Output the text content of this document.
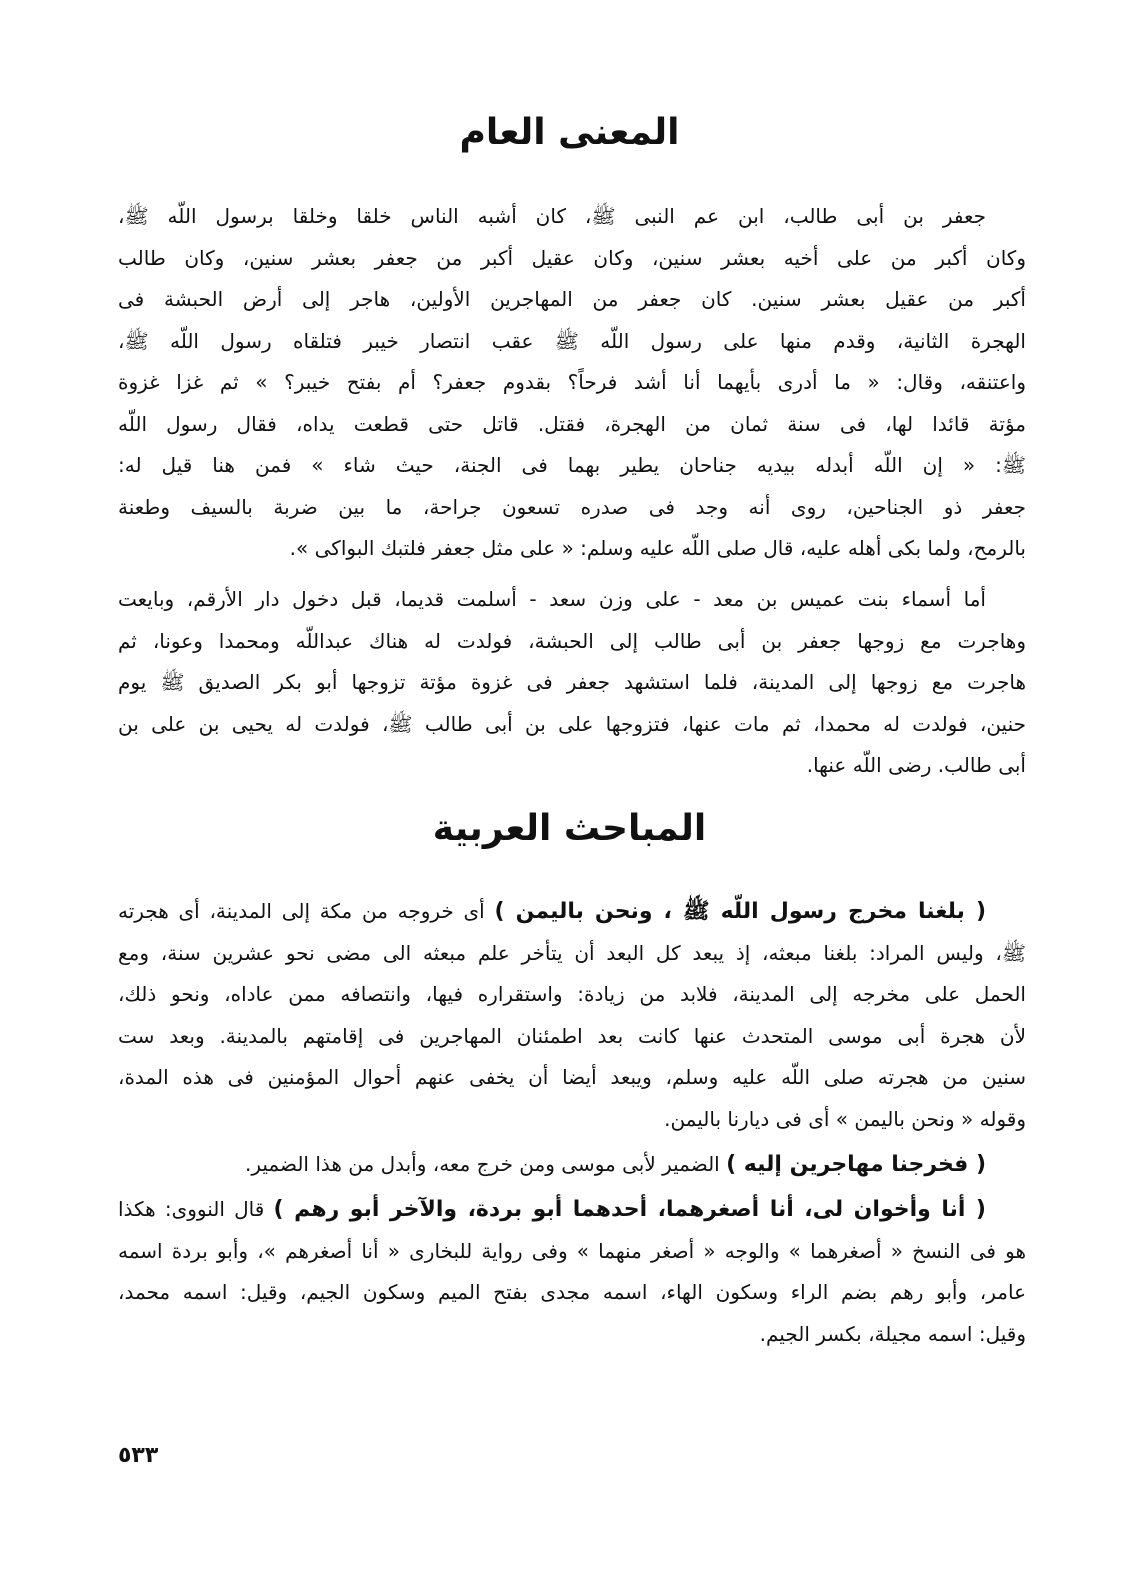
المعنى العام
جعفر بن أبى طالب، ابن عم النبى ﷺ، كان أشبه الناس خلقا وخلقا برسول اللّه ﷺ،
وكان أكبر من على أخيه بعشر سنين، وكان عقيل أكبر من جعفر بعشر سنين، وكان طالب
أكبر من عقيل بعشر سنين. كان جعفر من المهاجرين الأولين، هاجر إلى أرض الحبشة فى
الهجرة الثانية، وقدم منها على رسول اللّه ﷺ عقب انتصار خيبر فتلقاه رسول اللّه ﷺ،
واعتنقه، وقال: « ما أدرى بأيهما أنا أشد فرحاً؟ بقدوم جعفر؟ أم بفتح خيبر؟ » ثم غزا غزوة
مؤتة قائدا لها، فى سنة ثمان من الهجرة، فقتل. قاتل حتى قطعت يداه، فقال رسول اللّه
ﷺ: « إن اللّه أبدله بيديه جناحان يطير بهما فى الجنة، حيث شاء » فمن هنا قيل له:
جعفر ذو الجناحين، روى أنه وجد فى صدره تسعون جراحة، ما بين ضربة بالسيف وطعنة
بالرمح، ولما بكى أهله عليه، قال صلى اللّه عليه وسلم: « على مثل جعفر فلتبك البواكى ».
أما أسماء بنت عميس بن معد - على وزن سعد - أسلمت قديما، قبل دخول دار الأرقم، وبايعت
وهاجرت مع زوجها جعفر بن أبى طالب إلى الحبشة، فولدت له هناك عبداللّه ومحمدا وعونا، ثم
هاجرت مع زوجها إلى المدينة، فلما استشهد جعفر فى غزوة مؤتة تزوجها أبو بكر الصديق ﷺ يوم
حنين، فولدت له محمدا، ثم مات عنها، فتزوجها على بن أبى طالب ﷺ، فولدت له يحيى بن على بن
أبى طالب. رضى اللّه عنها.
المباحث العربية
( بلغنا مخرج رسول اللّه ﷺ ، ونحن باليمن ) أى خروجه من مكة إلى المدينة، أى هجرته
ﷺ، وليس المراد: بلغنا مبعثه، إذ يبعد كل البعد أن يتأخر علم مبعثه الى مضى نحو عشرين سنة، ومع
الحمل على مخرجه إلى المدينة، فلابد من زيادة: واستقراره فيها، وانتصافه ممن عاداه، ونحو ذلك،
لأن هجرة أبى موسى المتحدث عنها كانت بعد اطمئنان المهاجرين فى إقامتهم بالمدينة. وبعد ست
سنين من هجرته صلى اللّه عليه وسلم، ويبعد أيضا أن يخفى عنهم أحوال المؤمنين فى هذه المدة،
وقوله « ونحن باليمن » أى فى ديارنا باليمن.
( فخرجنا مهاجرين إليه ) الضمير لأبى موسى ومن خرج معه، وأبدل من هذا الضمير.
( أنا وأخوان لى، أنا أصغرهما، أحدهما أبو بردة، والآخر أبو رهم ) قال النووى: هكذا
هو فى النسخ « أصغرهما » والوجه « أصغر منهما » وفى رواية للبخارى « أنا أصغرهم »، وأبو بردة اسمه
عامر، وأبو رهم بضم الراء وسكون الهاء، اسمه مجدى بفتح الميم وسكون الجيم، وقيل: اسمه محمد،
وقيل: اسمه مجيلة، بكسر الجيم.
٥٣٣
